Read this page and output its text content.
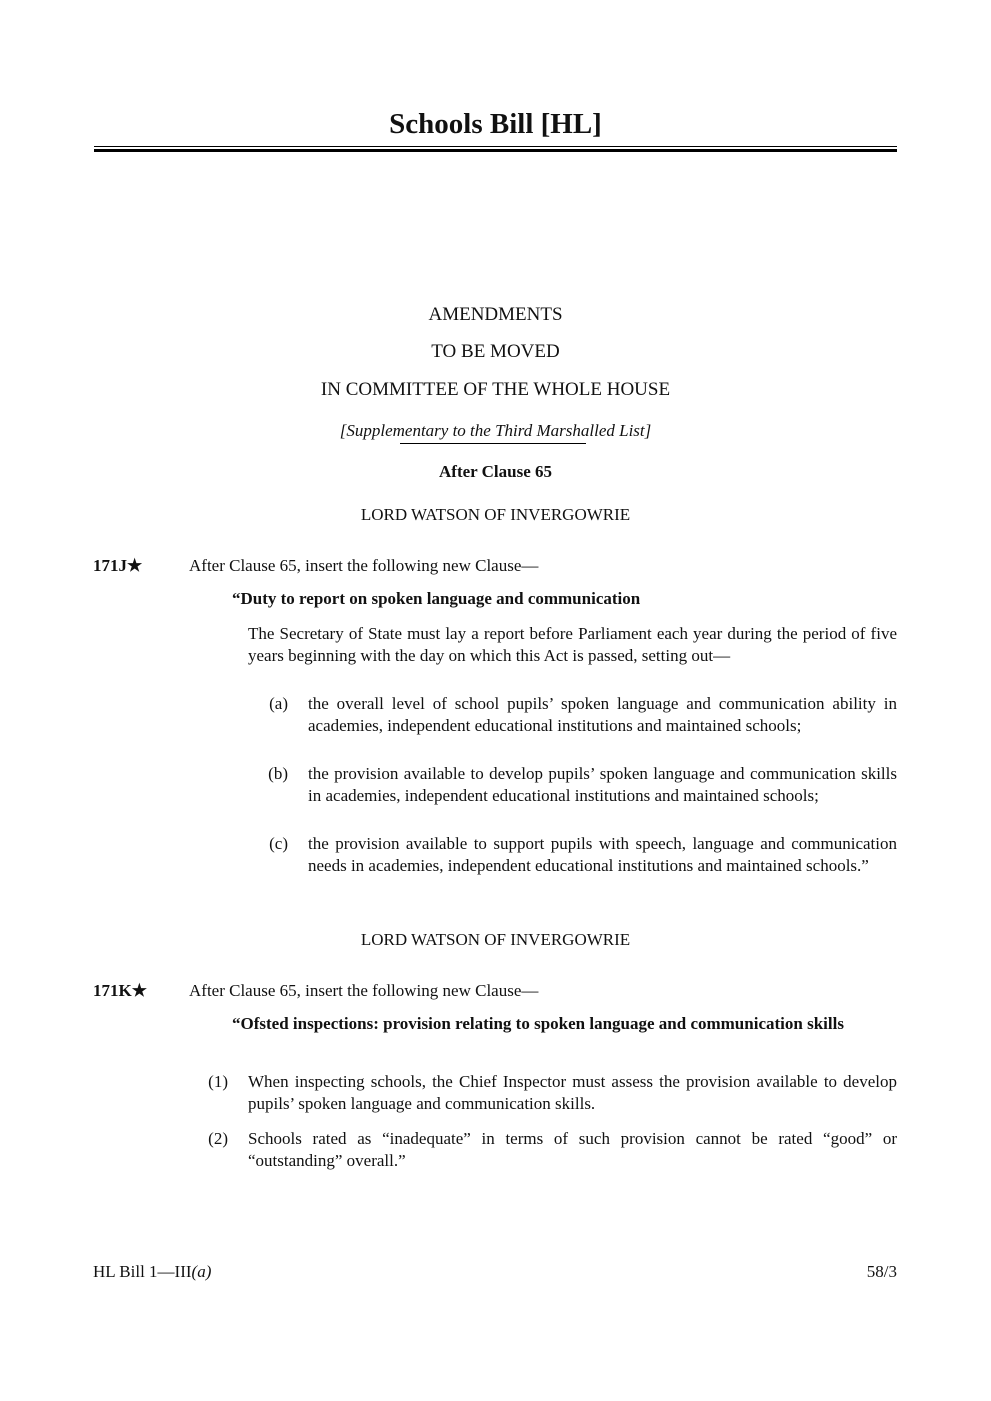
Schools Bill [HL]
AMENDMENTS
TO BE MOVED
IN COMMITTEE OF THE WHOLE HOUSE
[Supplementary to the Third Marshalled List]
After Clause 65
LORD WATSON OF INVERGOWRIE
171J★	After Clause 65, insert the following new Clause—
“Duty to report on spoken language and communication
The Secretary of State must lay a report before Parliament each year during the period of five years beginning with the day on which this Act is passed, setting out—
(a) the overall level of school pupils’ spoken language and communication ability in academies, independent educational institutions and maintained schools;
(b) the provision available to develop pupils’ spoken language and communication skills in academies, independent educational institutions and maintained schools;
(c) the provision available to support pupils with speech, language and communication needs in academies, independent educational institutions and maintained schools.”
LORD WATSON OF INVERGOWRIE
171K★ After Clause 65, insert the following new Clause—
“Ofsted inspections: provision relating to spoken language and communication skills
(1) When inspecting schools, the Chief Inspector must assess the provision available to develop pupils’ spoken language and communication skills.
(2) Schools rated as “inadequate” in terms of such provision cannot be rated “good” or “outstanding” overall.”
HL Bill 1—III(a)	58/3
